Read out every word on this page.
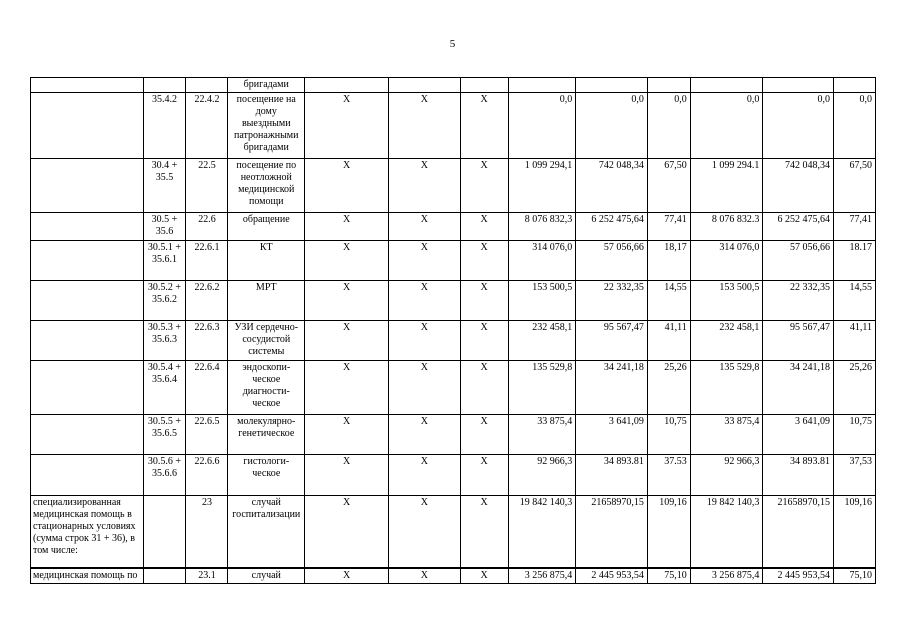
5
			бригадами									
	35.4.2	22.4.2	посещение на дому выездными патронажными бригадами	X	X	X	0,0	0,0	0,0	0,0	0,0	0,0
	30.4 + 35.5	22.5	посещение по неотложной медицинской помощи	X	X	X	1 099 294,1	742 048,34	67,50	1 099 294.1	742 048,34	67,50
	30.5 + 35.6	22.6	обращение	X	X	X	8 076 832,3	6 252 475,64	77,41	8 076 832.3	6 252 475,64	77,41
	30.5.1 + 35.6.1	22.6.1	КТ	X	X	X	314 076,0	57 056,66	18,17	314 076,0	57 056,66	18.17
	30.5.2 + 35.6.2	22.6.2	МРТ	X	X	X	153 500,5	22 332,35	14,55	153 500,5	22 332,35	14,55
	30.5.3 + 35.6.3	22.6.3	УЗИ сердечно-сосудистой системы	X	X	X	232 458,1	95 567,47	41,11	232 458,1	95 567,47	41,11
	30.5.4 + 35.6.4	22.6.4	эндоскопи-ческое диагности-ческое	X	X	X	135 529,8	34 241,18	25,26	135 529,8	34 241,18	25,26
	30.5.5 + 35.6.5	22.6.5	молекулярно-генетическое	X	X	X	33 875,4	3 641,09	10,75	33 875,4	3 641,09	10,75
	30.5.6 + 35.6.6	22.6.6	гистологи-ческое	X	X	X	92 966,3	34 893.81	37.53	92 966,3	34 893.81	37,53
специализированная медицинская помощь в стационарных условиях (сумма строк 31 + 36), в том числе:		23	случай госпитализации	X	X	X	19 842 140,3	21658970,15	109,16	19 842 140,3	21658970,15	109,16
медицинская помощь по		23.1	случай	X	X	X	3 256 875,4	2 445 953,54	75,10	3 256 875,4	2 445 953,54	75,10
